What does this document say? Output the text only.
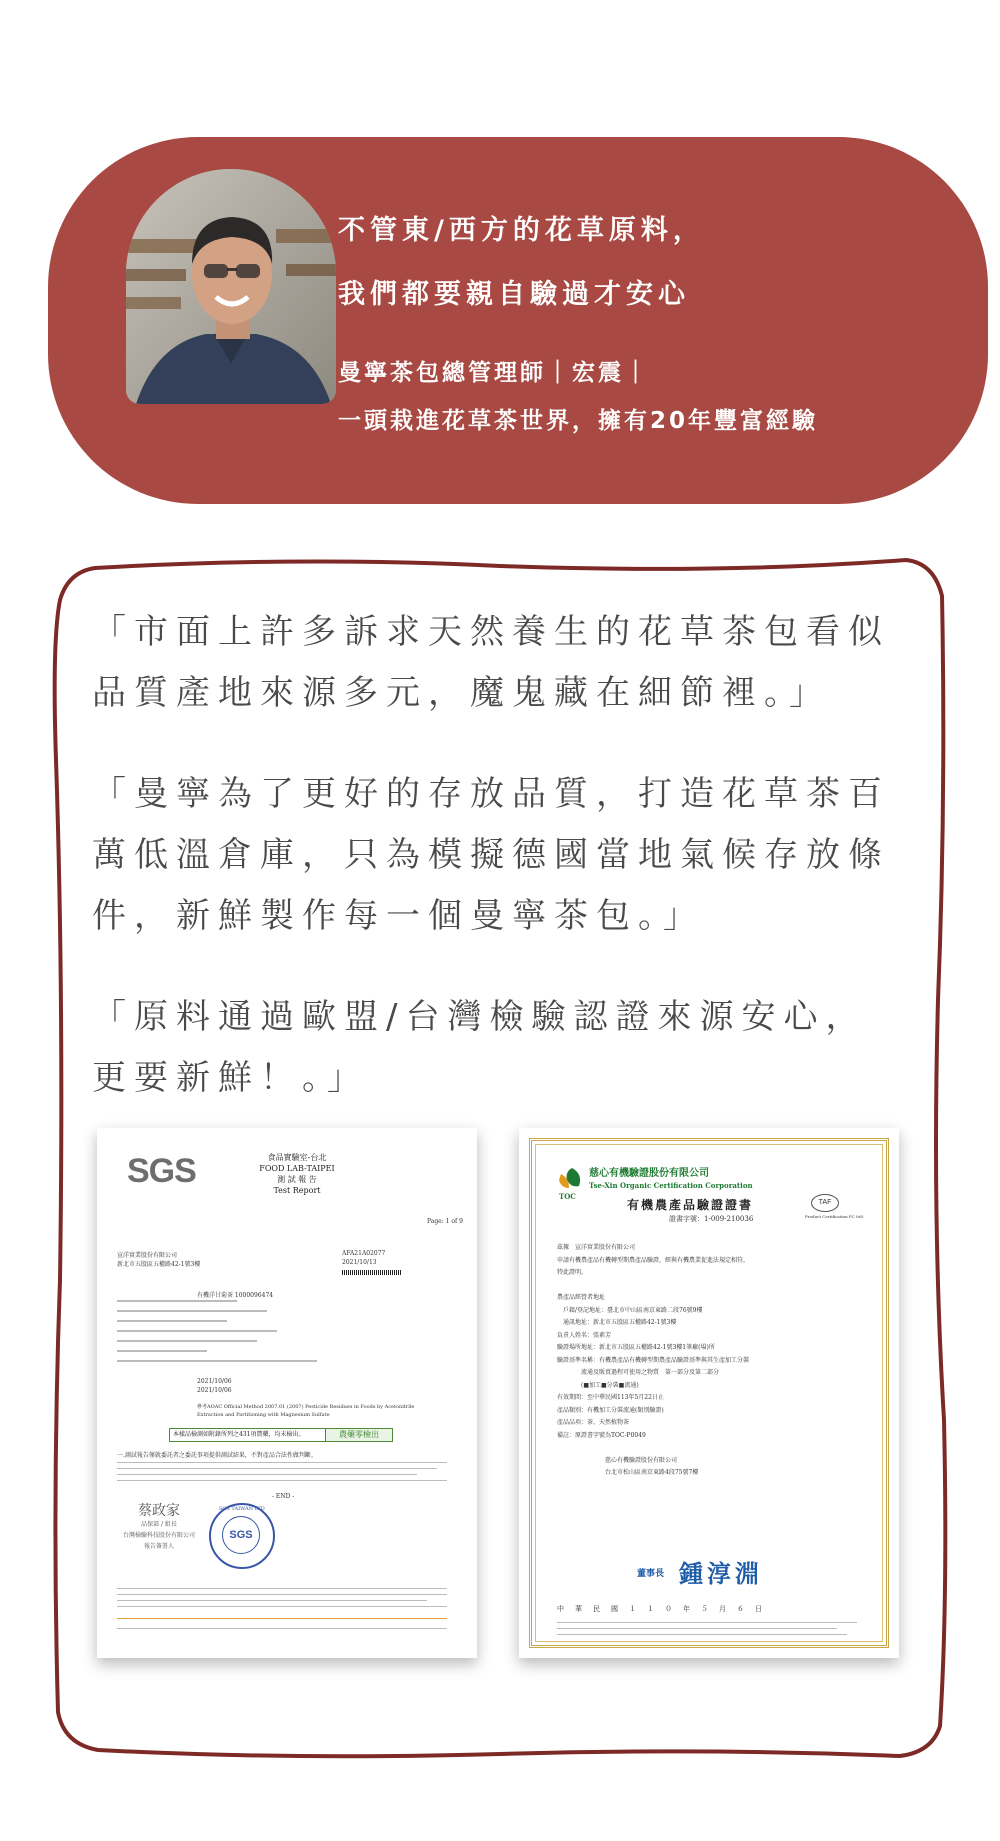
不管東/西方的花草原料，
我們都要親自驗過才安心
曼寧茶包總管理師｜宏震｜
一頭栽進花草茶世界，擁有20年豐富經驗
「市面上許多訴求天然養生的花草茶包看似
品質產地來源多元，魔鬼藏在細節裡。」
「曼寧為了更好的存放品質，打造花草茶百
萬低溫倉庫，只為模擬德國當地氣候存放條
件，新鮮製作每一個曼寧茶包。」
「原料通過歐盟/台灣檢驗認證來源安心，
更要新鮮！。」
SGS	食品實驗室-台北
FOOD LAB-TAIPEI
測 試 報 告
Test Report
Page: 1 of 9
宣洋實業股份有限公司
新北市五股區五權路42-1號3樓
AFA21A02077
2021/10/13
有機洋甘菊茶 1000096474
2021/10/06
2021/10/06
參考AOAC Official Method 2007.01 (2007) Pesticide Residues in Foods by Acetonitrile Extraction and Partitioning with Magnesium Sulfate
本樣品檢測如附錄所列之431項農藥，均未檢出。	農藥零檢出
一.測試報告僅就委託者之委託事項提供測試結果，不對產品合法性做判斷。
- END -
蔡政家
品保部 / 組長
台灣檢驗科技股份有限公司
報告簽署人
SGS TAIWAN LTD
SGS
TOC
慈心有機驗證股份有限公司
Tse-Xin Organic Certification Corporation
TAF
Product Certification PC 065
有機農產品驗證證書
證書字號：1-009-210036
茲據　宣洋實業股份有限公司
申請有機農產品有機轉型期農產品驗證，經與有機農業促進法規定相符，
特此證明。
農產品經營者地址
　戶籍/登記地址：臺北市中山區南京東路二段76號9樓
　通訊地址：新北市五股區五權路42-1號3樓
負責人姓名：張素芳
驗證場所地址：新北市五股區五權路42-1號3樓1筆廠(場)所
驗證基準名稱：有機農產品有機轉型期農產品驗證基準與其生產加工分裝
　　　　流通及販賣過程可使用之物質　第一部分及第二部分
　　　　(■加工■分裝■流通)
有效期間：至中華民國113年5月22日止
產品類別：有機加工分裝流通(類別驗證)
產品品項：茶、天然植物茶
備註：原證書字號為TOC-P0049
　　　　　　　　慈心有機驗證股份有限公司
　　　　　　　　台北市松山區南京東路4段75號7樓
董事長 鍾淳淵
中　華　民　國　１　１　０　年　５　月　６　日
